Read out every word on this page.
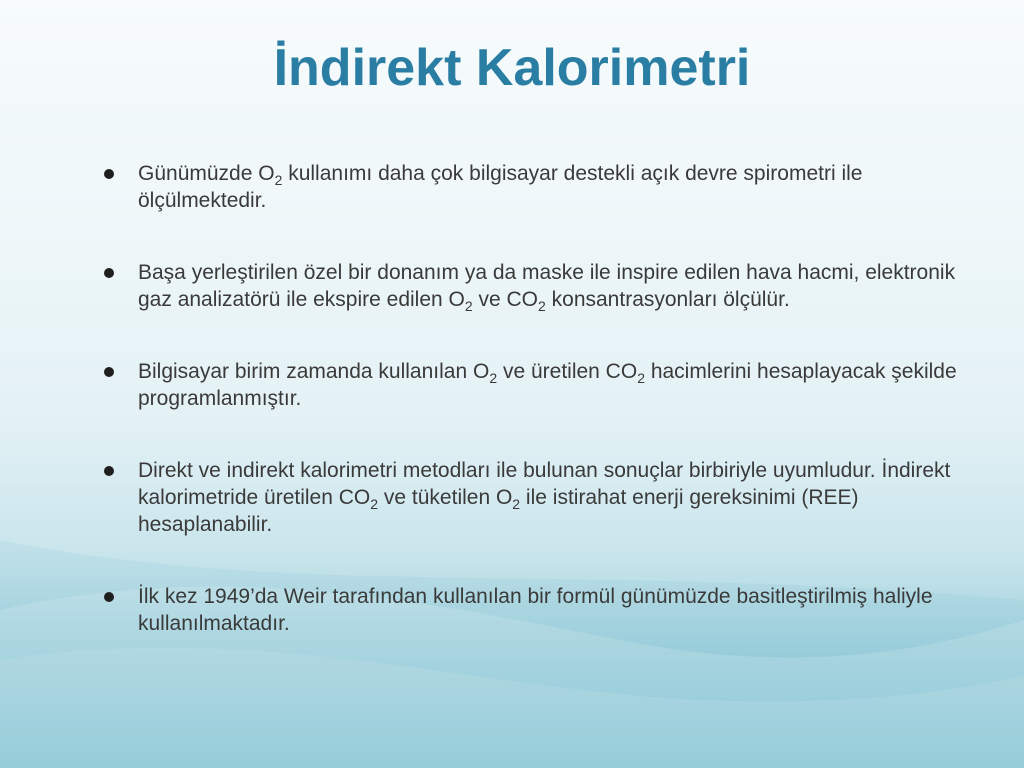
İndirekt Kalorimetri
Günümüzde $O_2$ kullanımı daha çok bilgisayar destekli açık devre spirometri ile ölçülmektedir.
Başa yerleştirilen özel bir donanım ya da maske ile inspire edilen hava hacmi, elektronik gaz analizatörü ile ekspire edilen $O_2$ ve $CO_2$ konsantrasyonları ölçülür.
Bilgisayar birim zamanda kullanılan $O_2$ ve üretilen $CO_2$ hacimlerini hesaplayacak şekilde programlanmıştır.
Direkt ve indirekt kalorimetri metodları ile bulunan sonuçlar birbiriyle uyumludur. İndirekt kalorimetride üretilen $CO_2$ ve tüketilen $O_2$ ile istirahat enerji gereksinimi (REE) hesaplanabilir.
İlk kez 1949’da Weir tarafından kullanılan bir formül günümüzde basitleştirilmiş haliyle kullanılmaktadır.
